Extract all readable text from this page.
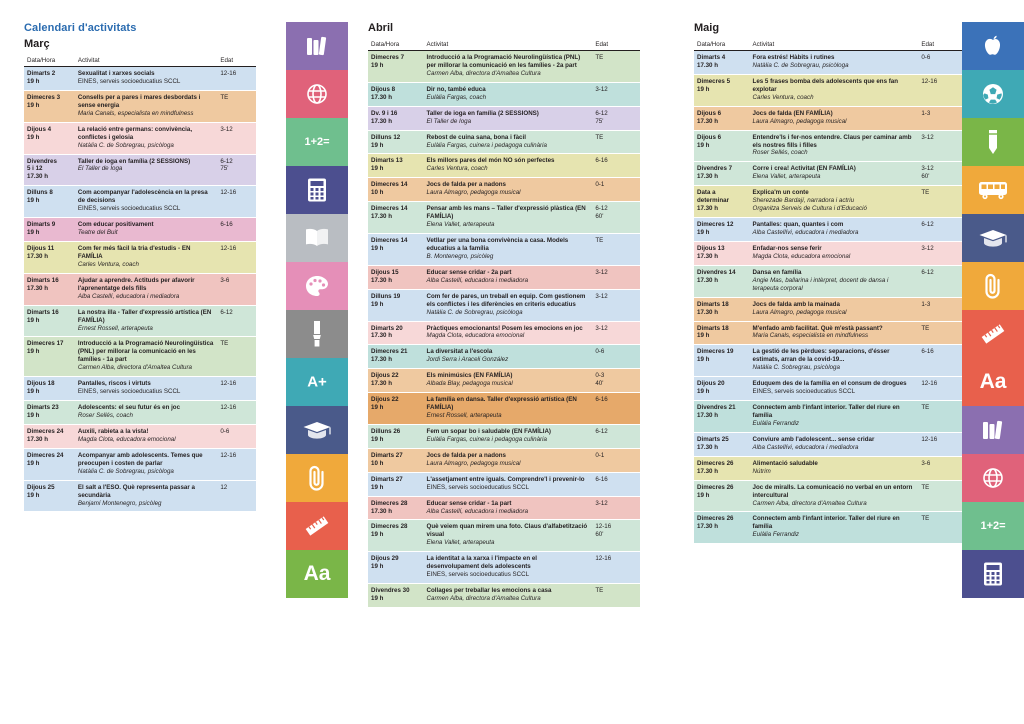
Calendari d'activitats
Març
Data/Hora	Activitat	Edat
Dimarts 2
19 h	Sexualitat i xarxes socials
EINES, serveis socioeducatius SCCL	12-16
Dimecres 3
19 h	Consells per a pares i mares desbordats i sense energia
Maria Canals, especialista en mindfulness	TE
Dijous 4
19 h	La relació entre germans: convivència, conflictes i gelosia
Natàlia C. de Sobregrau, psicòloga	3-12
Divendres
5 i 12
17.30 h	Taller de ioga en família (2 SESSIONS)
El Taller de Ioga	6-12
75'
Dilluns 8
19 h	Com acompanyar l'adolescència en la presa de decisions
EINES, serveis socioeducatius SCCL	12-16
Dimarts 9
19 h	Com educar positivament
Teatre del Buit	6-16
Dijous 11
17.30 h	Com fer més fàcil la tria d'estudis - EN FAMÍLIA
Carles Ventura, coach	12-16
Dimarts 16
17.30 h	Ajudar a aprendre. Actituds per afavorir l'aprenentatge dels fills
Alba Castellí, educadora i mediadora	3-6
Dimarts 16
19 h	La nostra illa - Taller d'expressió artística (EN FAMÍLIA)
Ernest Rossell, arterapeuta	6-12
Dimecres 17
19 h	Introducció a la Programació Neurolingüística (PNL) per millorar la comunicació en les famílies - 1a part
Carmen Alba, directora d'Amaltea Cultura	TE
Dijous 18
19 h	Pantalles, riscos i virtuts
EINES, serveis socioeducatius SCCL	12-16
Dimarts 23
19 h	Adolescents: el seu futur és en joc
Roser Sellés, coach	12-16
Dimecres 24
17.30 h	Auxili, rabieta a la vista!
Magda Clota, educadora emocional	0-6
Dimecres 24
19 h	Acompanyar amb adolescents. Temes que preocupen i costen de parlar
Natàlia C. de Sobregrau, psicòloga	12-16
Dijous 25
19 h	El salt a l'ESO. Què representa passar a secundària
Benjamí Montenegro, psicòleg	12
Abril
Data/Hora	Activitat	Edat
Dimecres 7
19 h	Introducció a la Programació Neurolingüística (PNL) per millorar la comunicació en les famílies - 2a part
Carmen Alba, directora d'Amaltea Cultura	TE
Dijous 8
17.30 h	Dir no, també educa
Eulàlia Fargas, coach	3-12
Dv. 9 i 16
17.30 h	Taller de ioga en família (2 SESSIONS)
El Taller de Ioga	6-12
75'
Dilluns 12
19 h	Rebost de cuina sana, bona i fàcil
Eulàlia Fargas, cuinera i pedagoga culinària	TE
Dimarts 13
19 h	Els millors pares del món NO són perfectes
Carles Ventura, coach	6-16
Dimecres 14
10 h	Jocs de falda per a nadons
Laura Almagro, pedagoga musical	0-1
Dimecres 14
17.30 h	Pensar amb les mans – Taller d'expressió plàstica (EN FAMÍLIA)
Elena Vallet, arterapeuta	6-12
60'
Dimecres 14
19 h	Vetllar per una bona convivència a casa. Models educatius a la família
B. Montenegro, psicòleg	TE
Dijous 15
17.30 h	Educar sense cridar - 2a part
Alba Castellí, educadora i mediadora	3-12
Dilluns 19
19 h	Com fer de pares, un treball en equip. Com gestionem els conflictes i les diferències en criteris educatius
Natàlia C. de Sobregrau, psicòloga	3-12
Dimarts 20
17.30 h	Pràctiques emocionants! Posem les emocions en joc
Magda Clota, educadora emocional	3-12
Dimecres 21
17.30 h	La diversitat a l'escola
Jordi Serra i Araceli González	0-6
Dijous 22
17.30 h	Els minimúsics (EN FAMÍLIA)
Albada Blay, pedagoga musical	0-3
40'
Dijous 22
19 h	La família en dansa. Taller d'expressió artística (EN FAMÍLIA)
Ernest Rossell, arterapeuta	6-16
Dilluns 26
19 h	Fem un sopar bo i saludable (EN FAMÍLIA)
Eulàlia Fargas, cuinera i pedagoga culinària	6-12
Dimarts 27
10 h	Jocs de falda per a nadons
Laura Almagro, pedagoga musical	0-1
Dimarts 27
19 h	L'assetjament entre iguals. Comprendre'l i prevenir-lo
EINES, serveis socioeducatius SCCL	6-16
Dimecres 28
17.30 h	Educar sense cridar - 1a part
Alba Castellí, educadora i mediadora	3-12
Dimecres 28
19 h	Què veiem quan mirem una foto. Claus d'alfabetització visual
Elena Vallet, arterapeuta	12-16
60'
Dijous 29
19 h	La identitat a la xarxa i l'impacte en el desenvolupament dels adolescents
EINES, serveis socioeducatius SCCL	12-16
Divendres 30
19 h	Collages per treballar les emocions a casa
Carmen Alba, directora d'Amaltea Cultura	TE
Maig
Data/Hora	Activitat	Edat
Dimarts 4
17.30 h	Fora estrés! Hàbits i rutines
Natàlia C. de Sobregrau, psicòloga	0-6
Dimecres 5
19 h	Les 5 frases bomba dels adolescents que ens fan explotar
Carles Ventura, coach	12-16
Dijous 6
17.30 h	Jocs de falda (EN FAMÍLIA)
Laura Almagro, pedagoga musical	1-3
Dijous 6
19 h	Entendre'ls i fer-nos entendre. Claus per caminar amb els nostres fills i filles
Roser Sellés, coach	3-12
Divendres 7
17.30 h	Corre i crea! Activitat (EN FAMÍLIA)
Elena Vallet, arterapeuta	3-12
60'
Data a determinar
17.30 h	Explica'm un conte
Sherezade Bardají, narradora i actriu
Organitza Serveis de Cultura i d'Educació	TE
Dimecres 12
19 h	Pantalles: quan, quantes i com
Alba Castellívi, educadora i mediadora	6-12
Dijous 13
17.30 h	Enfadar-nos sense ferir
Magda Clota, educadora emocional	3-12
Divendres 14
17.30 h	Dansa en família
Angie Mas, ballarina i intèrpret, docent de dansa i terapeuta corporal	6-12
Dimarts 18
17.30 h	Jocs de falda amb la mainada
Laura Almagro, pedagoga musical	1-3
Dimarts 18
19 h	M'enfado amb facilitat. Què m'està passant?
Maria Canals, especialista en mindfulness	TE
Dimecres 19
19 h	La gestió de les pèrdues: separacions, d'ésser estimats, arran de la covid-19...
Natàlia C. Sobregrau, psicòloga	6-16
Dijous 20
19 h	Eduquem des de la família en el consum de drogues
EINES, serveis socioeducatius SCCL	12-16
Divendres 21
17.30 h	Connectem amb l'infant interior. Taller del riure en família
Eulàlia Ferrandiz	TE
Dimarts 25
17.30 h	Conviure amb l'adolescent... sense cridar
Alba Castellívi, educadora i mediadora	12-16
Dimecres 26
17.30 h	Alimentació saludable
Nútrim	3-6
Dimecres 26
19 h	Joc de miralls. La comunicació no verbal en un entorn intercultural
Carmen Alba, directora d'Amaltea Cultura	TE
Dimecres 26
17.30 h	Connectem amb l'infant interior. Taller del riure en família
Eulàlia Ferrandiz	TE
1+2=
A+
Aa
Aa
1+2=
